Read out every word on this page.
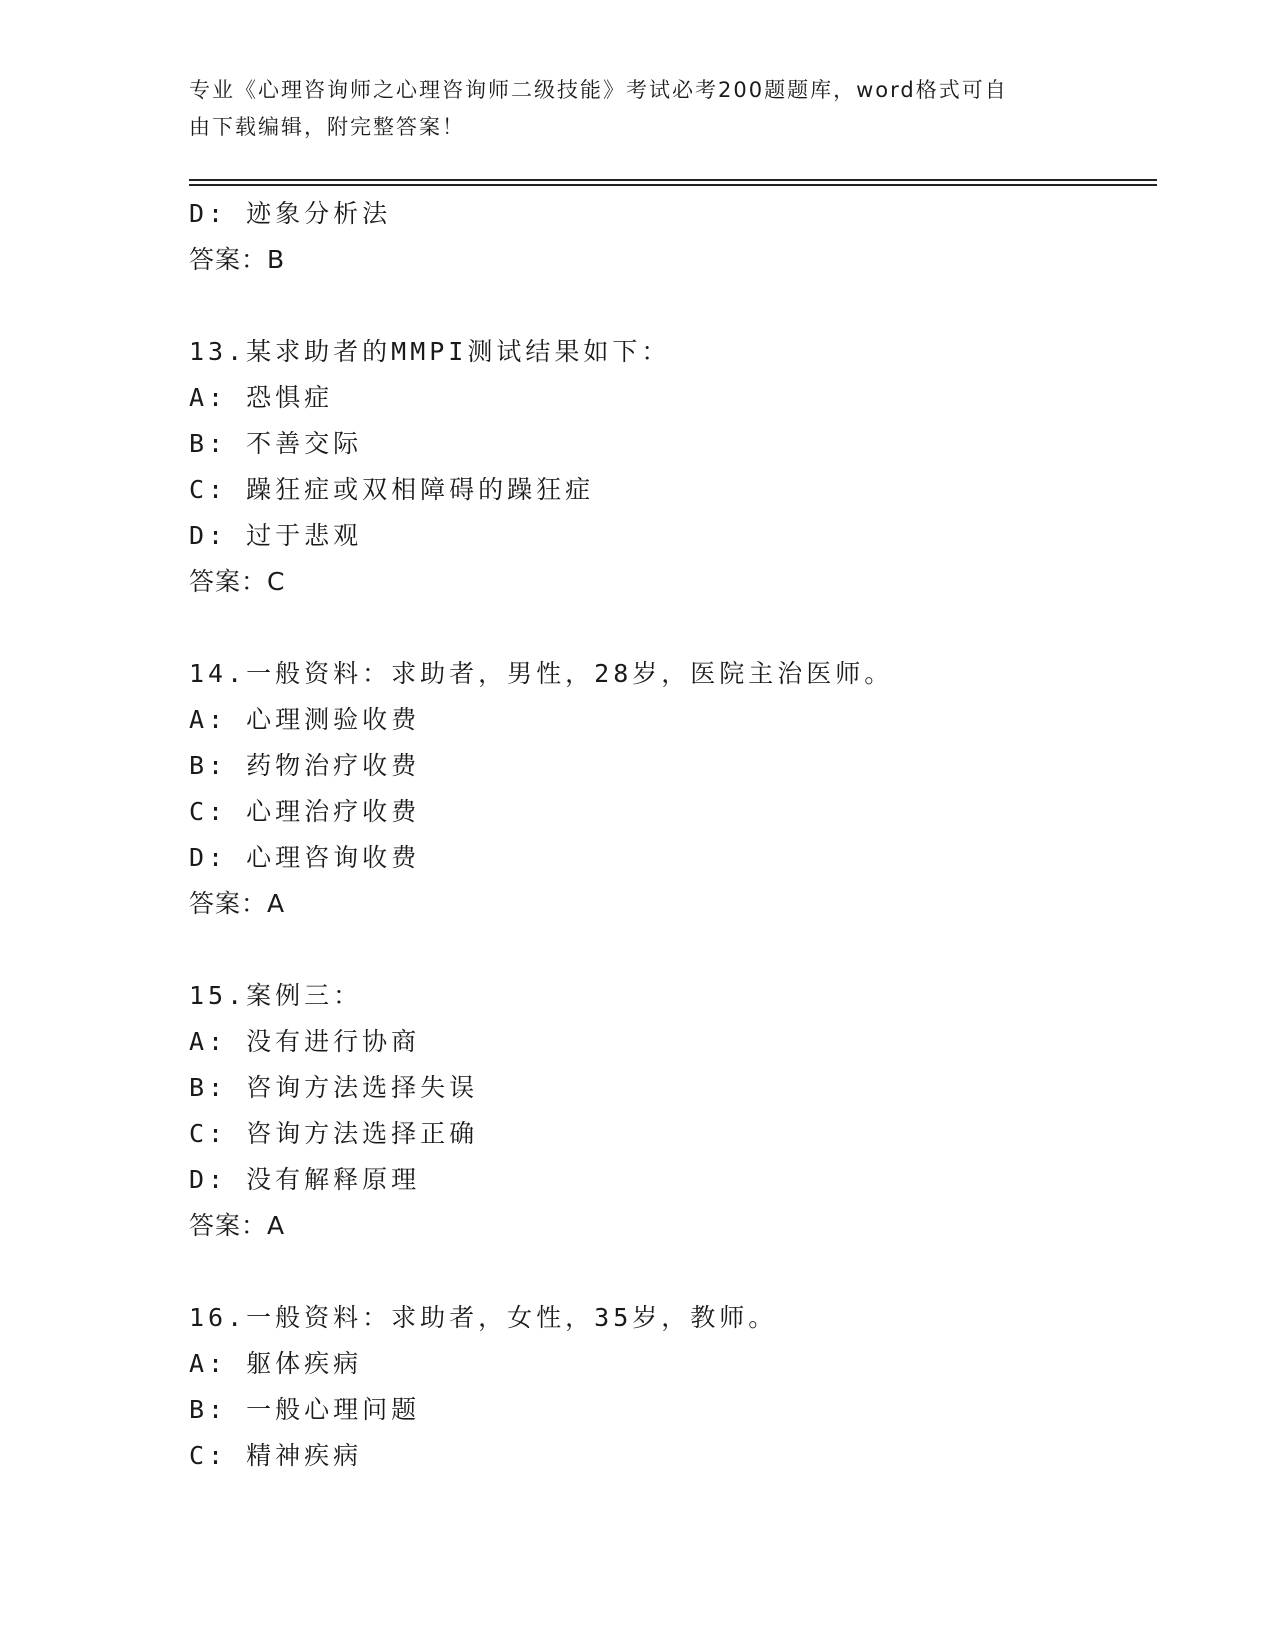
专业《心理咨询师之心理咨询师二级技能》考试必考200题题库，word格式可自
由下载编辑，附完整答案！
D: 迹象分析法
答案：B
13.某求助者的MMPI测试结果如下：
A: 恐惧症
B: 不善交际
C: 躁狂症或双相障碍的躁狂症
D: 过于悲观
答案：C
14.一般资料：求助者，男性，28岁，医院主治医师。
A: 心理测验收费
B: 药物治疗收费
C: 心理治疗收费
D: 心理咨询收费
答案：A
15.案例三：
A: 没有进行协商
B: 咨询方法选择失误
C: 咨询方法选择正确
D: 没有解释原理
答案：A
16.一般资料：求助者，女性，35岁，教师。
A: 躯体疾病
B: 一般心理问题
C: 精神疾病
